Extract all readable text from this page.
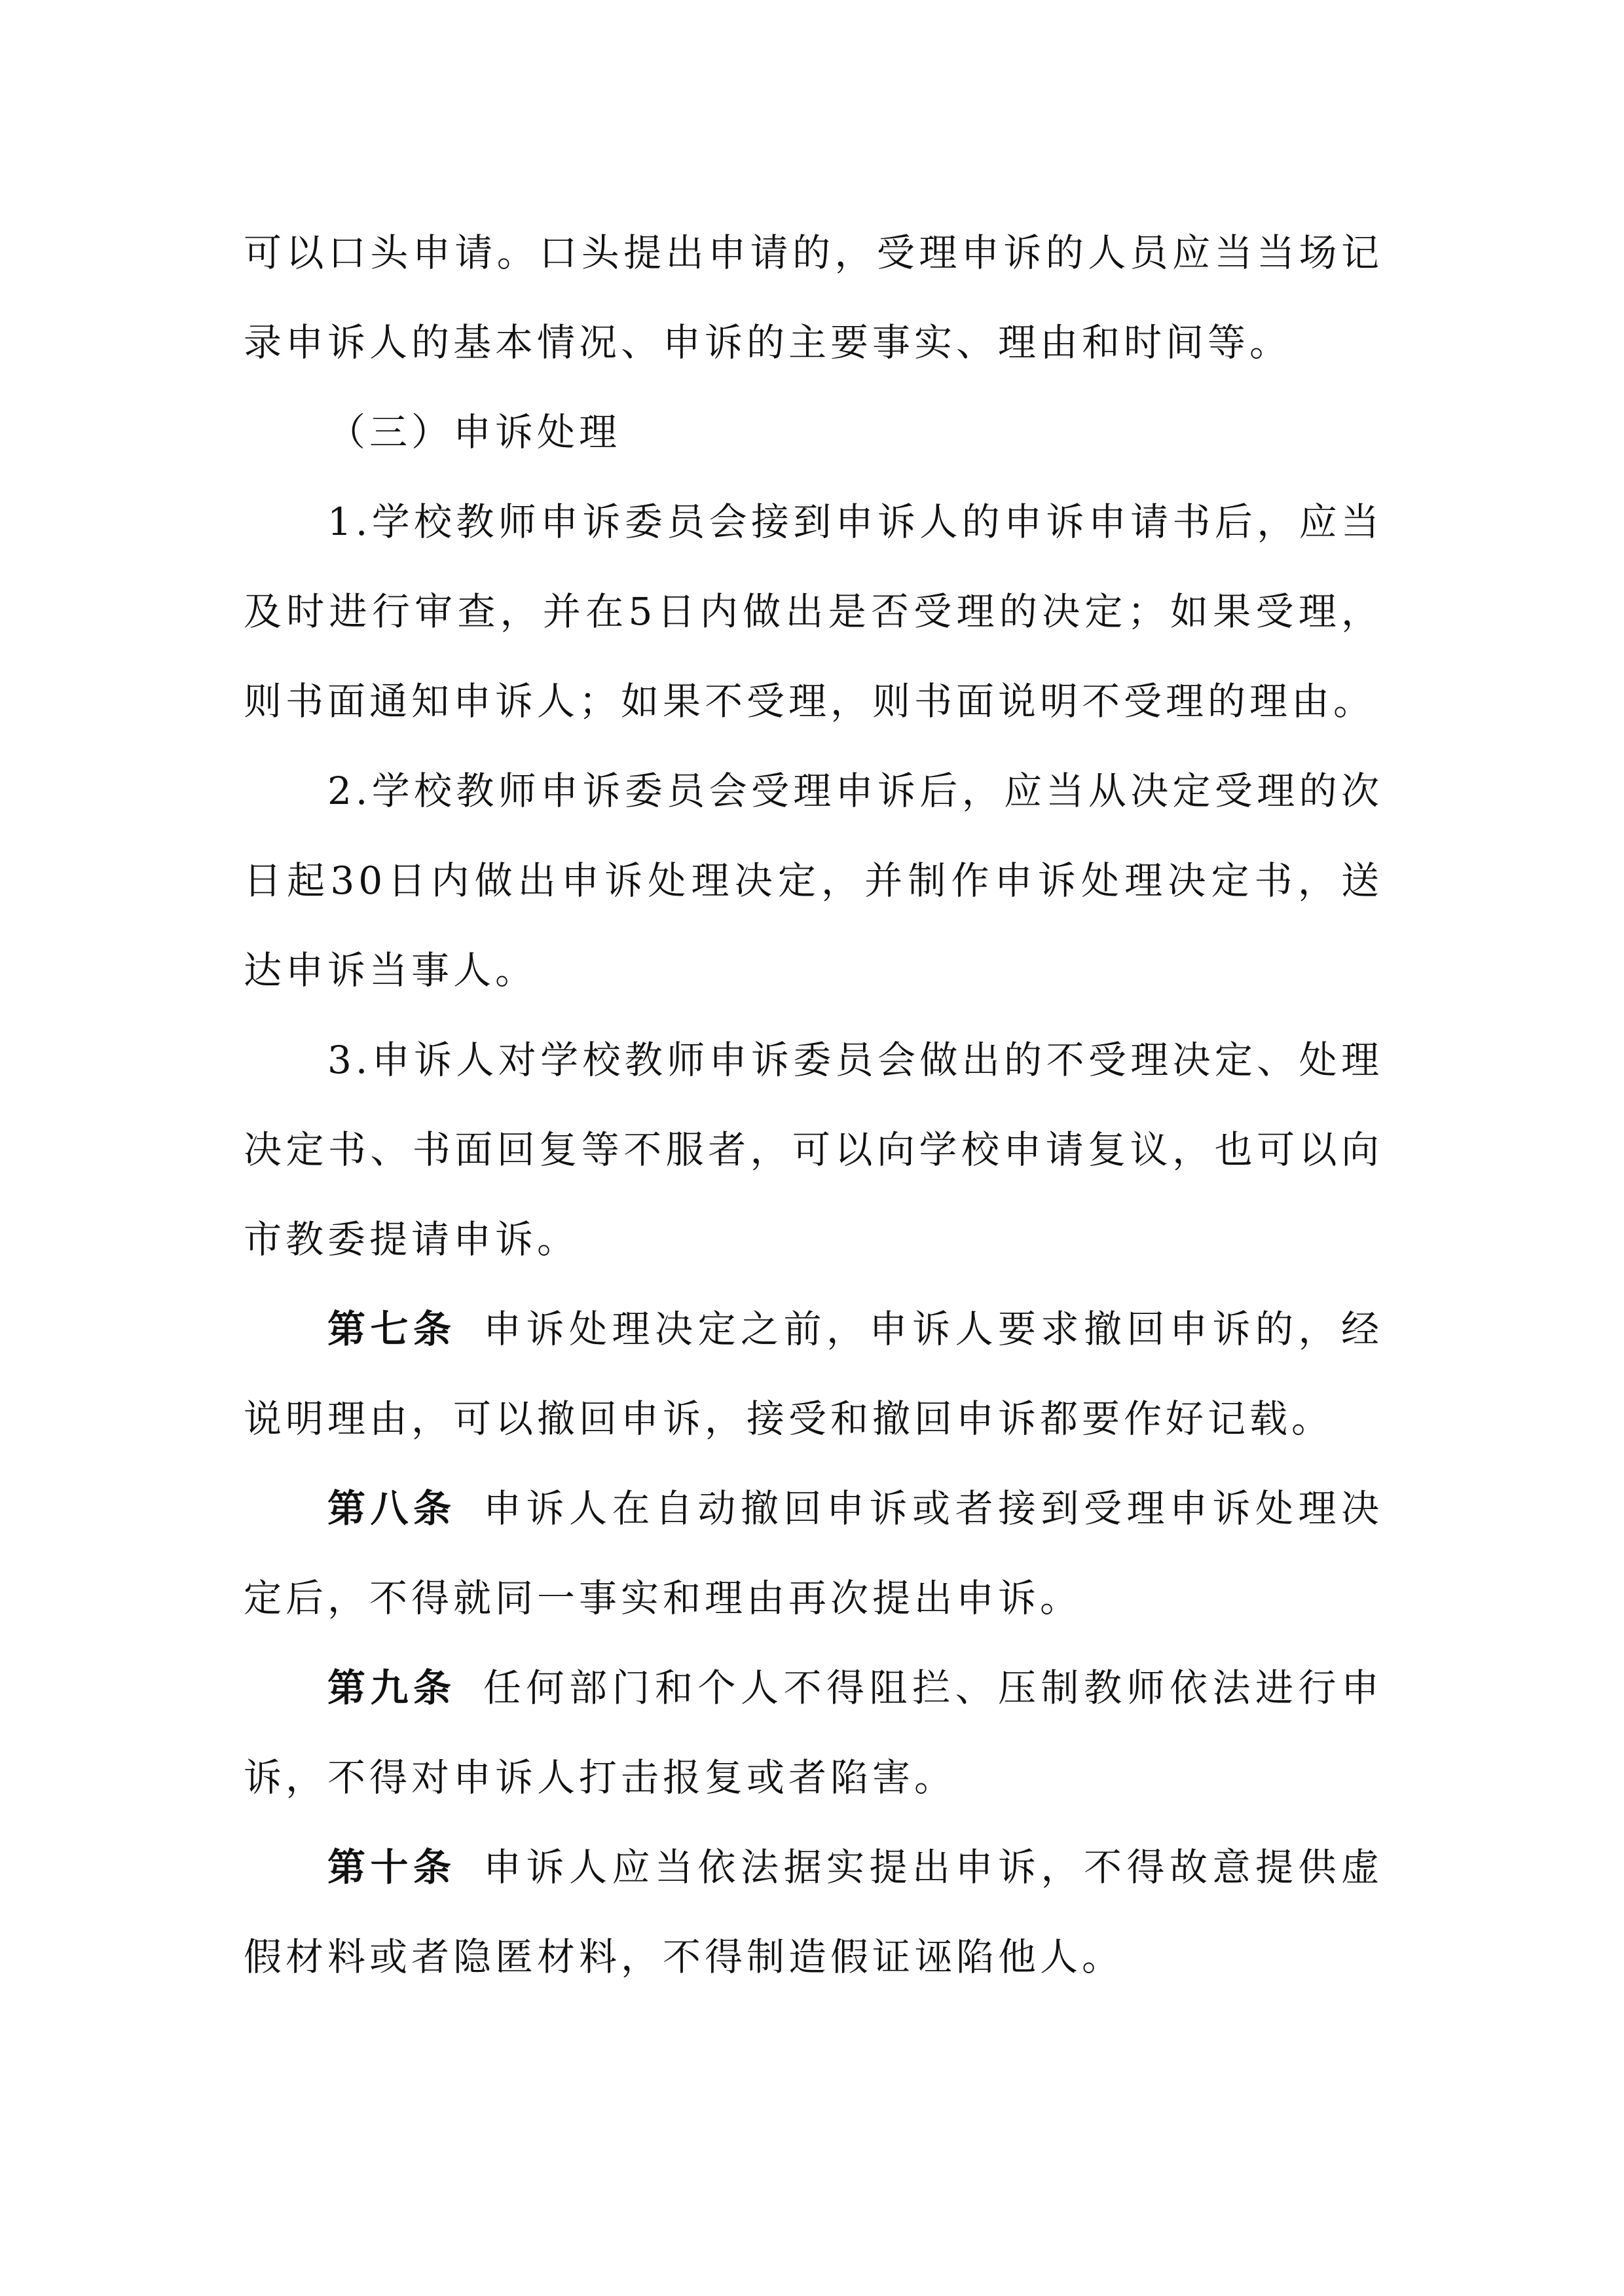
可以口头申请。口头提出申请的，受理申诉的人员应当当场记录申诉人的基本情况、申诉的主要事实、理由和时间等。

（三）申诉处理

1.学校教师申诉委员会接到申诉人的申诉申请书后，应当及时进行审查，并在5日内做出是否受理的决定；如果受理，则书面通知申诉人；如果不受理，则书面说明不受理的理由。

2.学校教师申诉委员会受理申诉后，应当从决定受理的次日起30日内做出申诉处理决定，并制作申诉处理决定书，送达申诉当事人。

3.申诉人对学校教师申诉委员会做出的不受理决定、处理决定书、书面回复等不服者，可以向学校申请复议，也可以向市教委提请申诉。

第七条 申诉处理决定之前，申诉人要求撤回申诉的，经说明理由，可以撤回申诉，接受和撤回申诉都要作好记载。

第八条 申诉人在自动撤回申诉或者接到受理申诉处理决定后，不得就同一事实和理由再次提出申诉。

第九条 任何部门和个人不得阻拦、压制教师依法进行申诉，不得对申诉人打击报复或者陷害。

第十条 申诉人应当依法据实提出申诉，不得故意提供虚假材料或者隐匿材料，不得制造假证诬陷他人。
